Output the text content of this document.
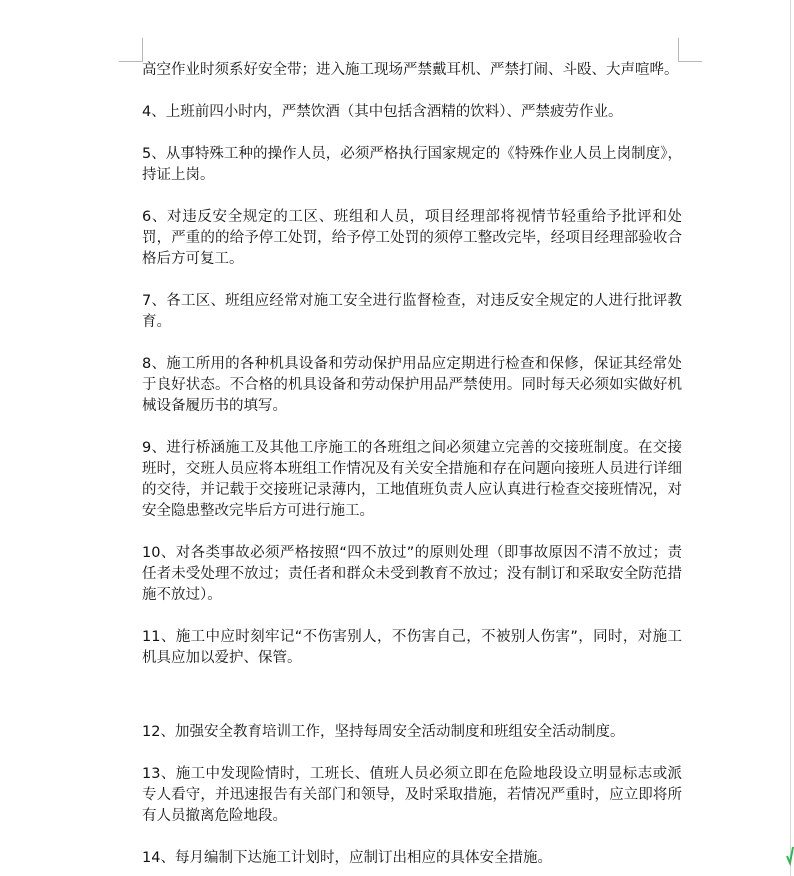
高空作业时须系好安全带；进入施工现场严禁戴耳机、严禁打闹、斗殴、大声喧哗。

4、上班前四小时内，严禁饮酒（其中包括含酒精的饮料）、严禁疲劳作业。

5、从事特殊工种的操作人员，必须严格执行国家规定的《特殊作业人员上岗制度》，持证上岗。

6、对违反安全规定的工区、班组和人员，项目经理部将视情节轻重给予批评和处罚，严重的的给予停工处罚，给予停工处罚的须停工整改完毕，经项目经理部验收合格后方可复工。

7、各工区、班组应经常对施工安全进行监督检查，对违反安全规定的人进行批评教育。

8、施工所用的各种机具设备和劳动保护用品应定期进行检查和保修，保证其经常处于良好状态。不合格的机具设备和劳动保护用品严禁使用。同时每天必须如实做好机械设备履历书的填写。

9、进行桥涵施工及其他工序施工的各班组之间必须建立完善的交接班制度。在交接班时，交班人员应将本班组工作情况及有关安全措施和存在问题向接班人员进行详细的交待，并记载于交接班记录薄内，工地值班负责人应认真进行检查交接班情况，对安全隐患整改完毕后方可进行施工。

10、对各类事故必须严格按照“四不放过”的原则处理（即事故原因不清不放过；责任者未受处理不放过；责任者和群众未受到教育不放过；没有制订和采取安全防范措施不放过）。

11、施工中应时刻牢记“不伤害别人，不伤害自己，不被别人伤害”，同时，对施工机具应加以爱护、保管。

12、加强安全教育培训工作，坚持每周安全活动制度和班组安全活动制度。

13、施工中发现险情时，工班长、值班人员必须立即在危险地段设立明显标志或派专人看守，并迅速报告有关部门和领导，及时采取措施，若情况严重时，应立即将所有人员撤离危险地段。

14、每月编制下达施工计划时，应制订出相应的具体安全措施。
